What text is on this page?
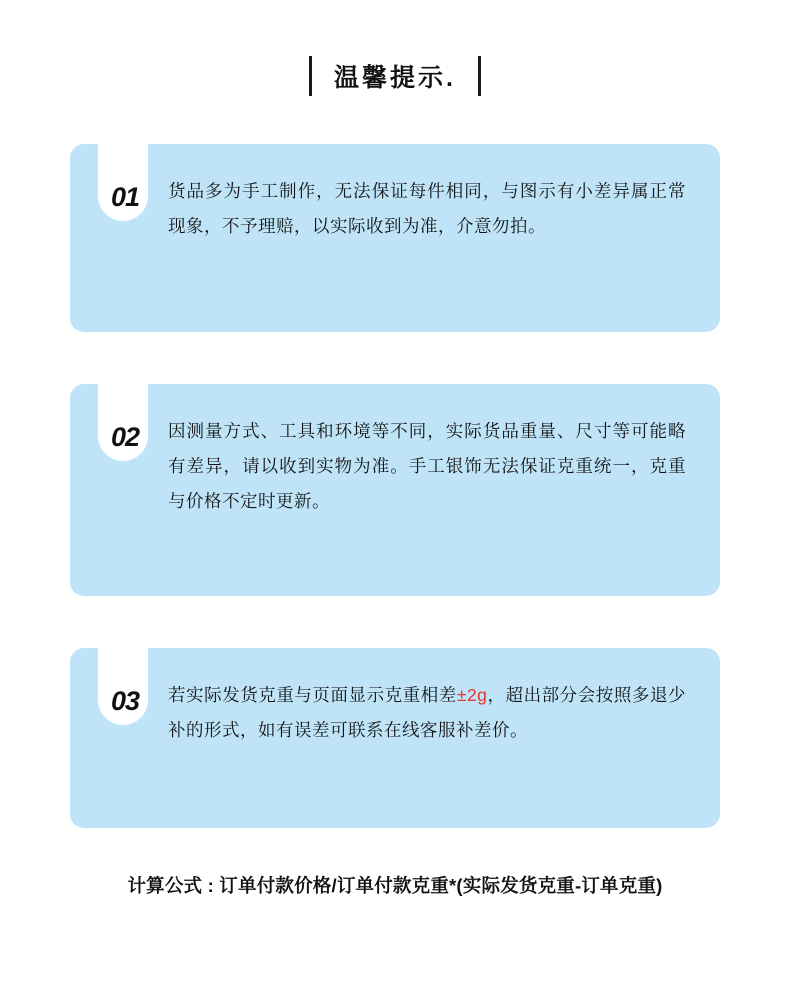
温馨提示.
01	货品多为手工制作，无法保证每件相同，与图示有小差异属正常现象，不予理赔，以实际收到为准，介意勿拍。
02	因测量方式、工具和环境等不同，实际货品重量、尺寸等可能略有差异，请以收到实物为准。手工银饰无法保证克重统一，克重与价格不定时更新。
03	若实际发货克重与页面显示克重相差±2g，超出部分会按照多退少补的形式，如有误差可联系在线客服补差价。
计算公式 : 订单付款价格/订单付款克重*(实际发货克重-订单克重)
